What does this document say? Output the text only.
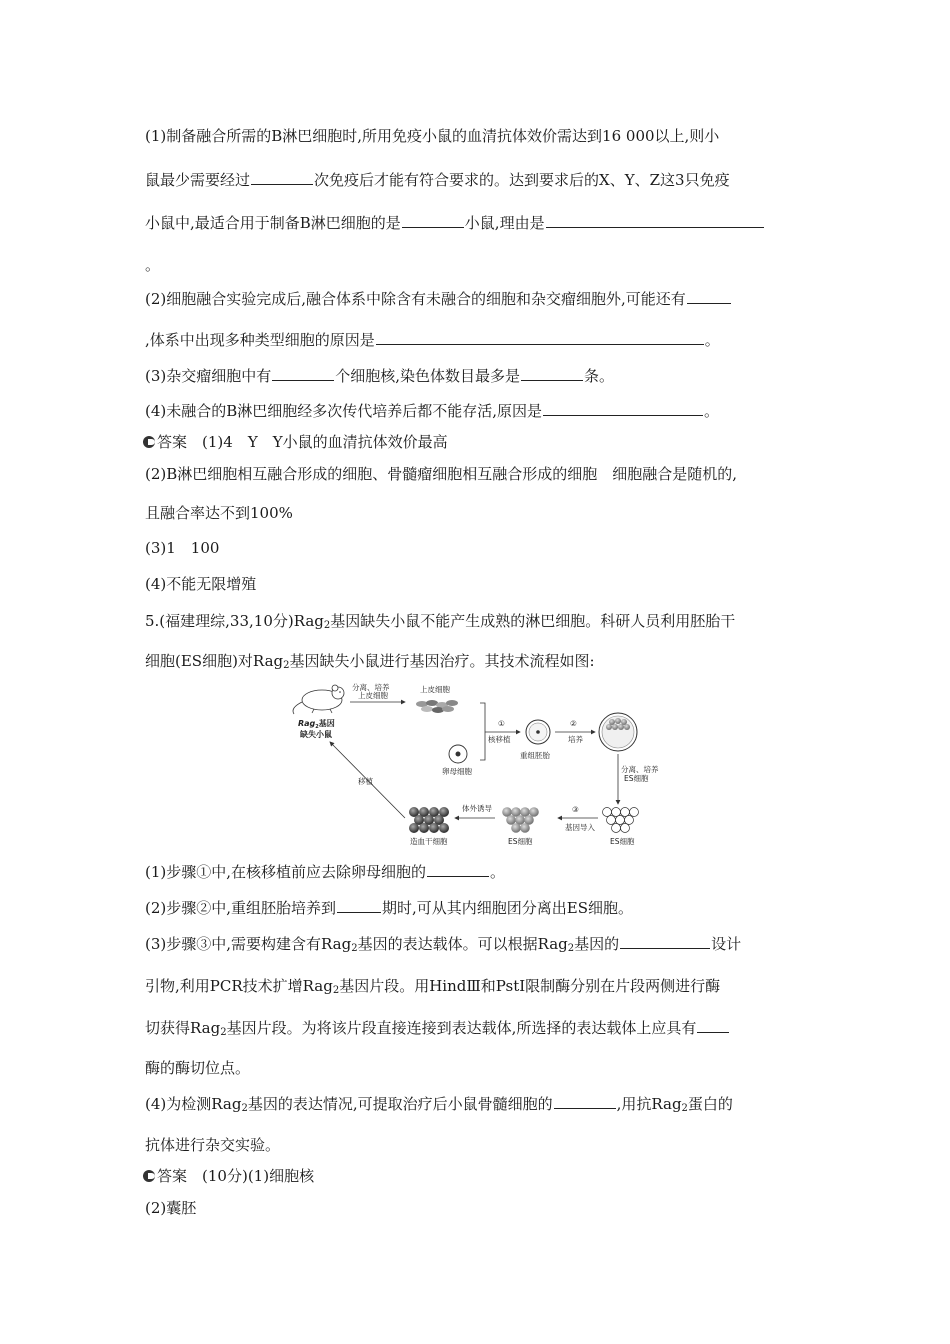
(1)制备融合所需的B淋巴细胞时,所用免疫小鼠的血清抗体效价需达到16 000以上,则小
鼠最少需要经过	次免疫后才能有符合要求的。达到要求后的X、Y、Z这3只免疫
小鼠中,最适合用于制备B淋巴细胞的是	小鼠,理由是
。
(2)细胞融合实验完成后,融合体系中除含有未融合的细胞和杂交瘤细胞外,可能还有
,体系中出现多种类型细胞的原因是	。
(3)杂交瘤细胞中有	个细胞核,染色体数目最多是	条。
(4)未融合的B淋巴细胞经多次传代培养后都不能存活,原因是	。
答案　 (1)4　Y　Y小鼠的血清抗体效价最高
(2)B淋巴细胞相互融合形成的细胞、骨髓瘤细胞相互融合形成的细胞　细胞融合是随机的,
且融合率达不到100%
(3)1　100
(4)不能无限增殖
5.(福建理综,33,10分)Rag$_2$基因缺失小鼠不能产生成熟的淋巴细胞。科研人员利用胚胎干
细胞(ES细胞)对Rag$_2$基因缺失小鼠进行基因治疗。其技术流程如图:
Rag$_2$基因
缺失小鼠
分离、培养
上皮细胞
上皮细胞
①
核移植
卵母细胞
重组胚胎
②
培养
分离、培养
ES细胞
ES细胞
③
基因导入
ES细胞
体外诱导
造血干细胞
移植
(1)步骤①中,在核移植前应去除卵母细胞的	。
(2)步骤②中,重组胚胎培养到	期时,可从其内细胞团分离出ES细胞。
(3)步骤③中,需要构建含有Rag$_2$基因的表达载体。可以根据Rag$_2$基因的	设计
引物,利用PCR技术扩增Rag$_2$基因片段。用HindⅢ和PstⅠ限制酶分别在片段两侧进行酶
切获得Rag$_2$基因片段。为将该片段直接连接到表达载体,所选择的表达载体上应具有
酶的酶切位点。
(4)为检测Rag$_2$基因的表达情况,可提取治疗后小鼠骨髓细胞的	,用抗Rag$_2$蛋白的
抗体进行杂交实验。
答案　 (10分)(1)细胞核
(2)囊胚
